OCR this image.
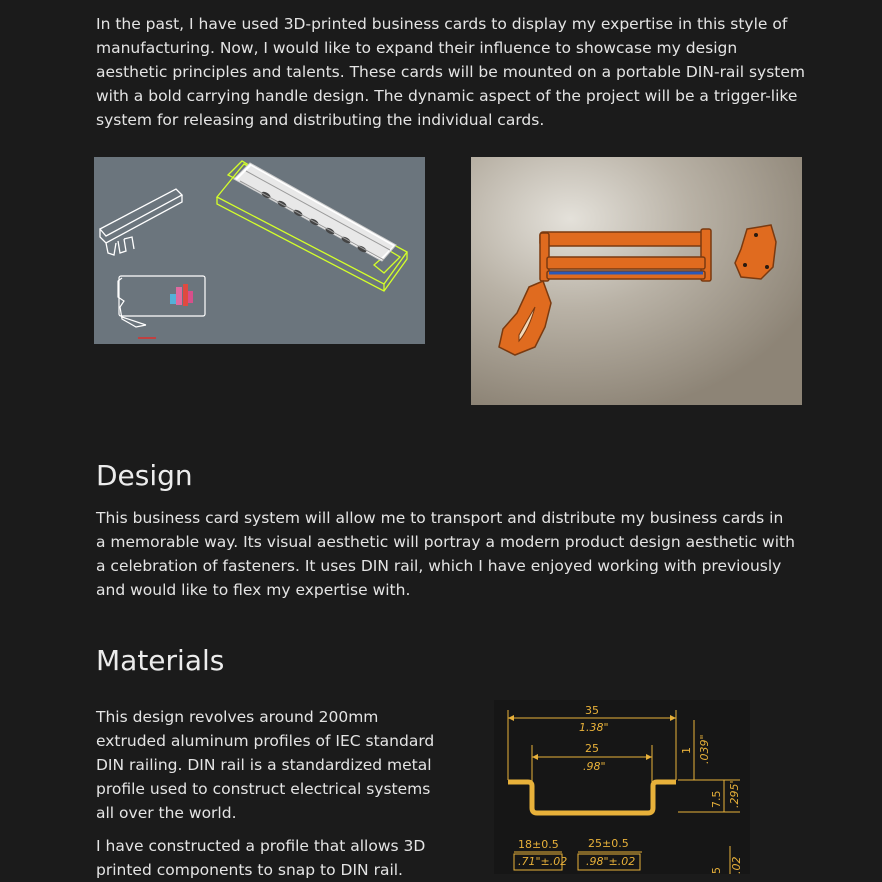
In the past, I have used 3D-printed business cards to display my expertise in this style of manufacturing. Now, I would like to expand their influence to showcase my design aesthetic principles and talents. These cards will be mounted on a portable DIN-rail system with a bold carrying handle design. The dynamic aspect of the project will be a trigger-like system for releasing and distributing the individual cards.

Design

This business card system will allow me to transport and distribute my business cards in a memorable way. Its visual aesthetic will portray a modern product design aesthetic with a celebration of fasteners. It uses DIN rail, which I have enjoyed working with previously and would like to flex my expertise with.

Materials

This design revolves around 200mm extruded aluminum profiles of IEC standard DIN railing. DIN rail is a standardized metal profile used to construct electrical systems all over the world.

I have constructed a profile that allows 3D printed components to snap to DIN rail.

35
1.38"
25
.98"
1 .039"
7.5 .295"
18±0.5
.71"±.02
25±0.5
.98"±.02
5 .02
